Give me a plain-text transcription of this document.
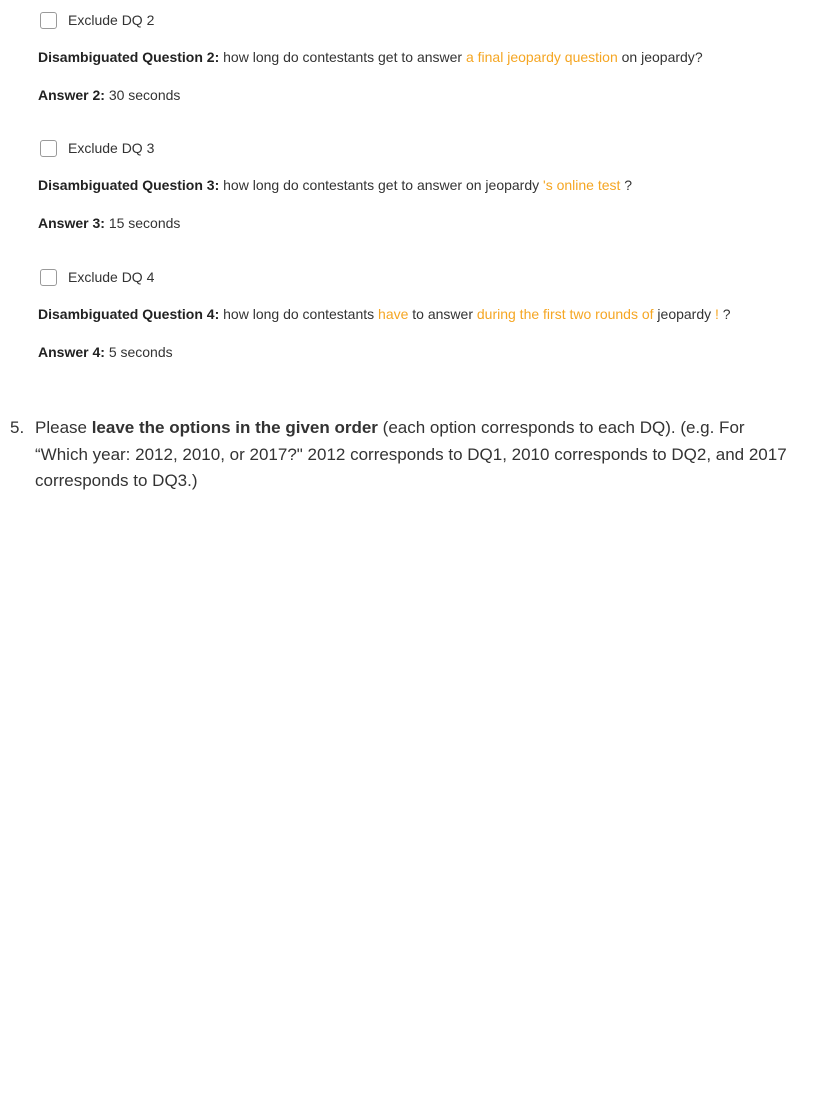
Exclude DQ 2
Disambiguated Question 2: how long do contestants get to answer a final jeopardy question on jeopardy?
Answer 2: 30 seconds
Exclude DQ 3
Disambiguated Question 3: how long do contestants get to answer on jeopardy 's online test ?
Answer 3: 15 seconds
Exclude DQ 4
Disambiguated Question 4: how long do contestants have to answer during the first two rounds of jeopardy ! ?
Answer 4: 5 seconds
5. Please leave the options in the given order (each option corresponds to each DQ). (e.g. For “Which year: 2012, 2010, or 2017?" 2012 corresponds to DQ1, 2010 corresponds to DQ2, and 2017 corresponds to DQ3.)
